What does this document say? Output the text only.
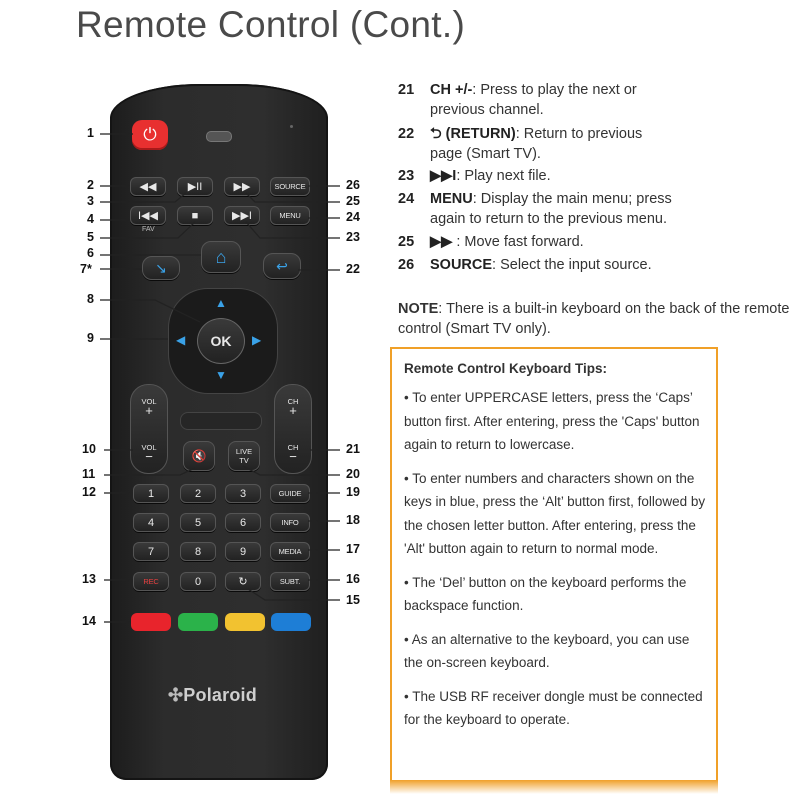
Remote Control (Cont.)
⏻
◀◀	▶II	▶▶	SOURCE
I◀◀	■	▶▶I	MENU
FAV
⌂
↘	↩
OK
▲
▼
◀	▶
VOL
+
VOL
−
CH
+
CH
−
🔇	LIVE
TV
1	2	3	GUIDE
4	5	6	INFO
7	8	9	MEDIA
REC	0	↻	SUBT.
✣Polaroid
1
2
3
4
5
6
7*
8
9
10
11
12
13
14
15
16
17
18
19
20
21
22
23
24
25
26
21 CH +/-: Press to play the next or
previous channel.
22 ⮌ (RETURN): Return to previous
page (Smart TV).
23 ▶▶I: Play next file.
24 MENU: Display the main menu; press
again to return to the previous menu.
25 ▶▶ : Move fast forward.
26 SOURCE: Select the input source.
NOTE: There is a built-in keyboard on the back of the remote control (Smart TV only).
Remote Control Keyboard Tips:
• To enter UPPERCASE letters, press the ‘Caps’ button first. After entering, press the 'Caps' button again to return to lowercase.
• To enter numbers and characters shown on the keys in blue, press the ‘Alt’ button first, followed by the chosen letter button. After entering, press the 'Alt' button again to return to normal mode.
• The ‘Del’ button on the keyboard performs the backspace function.
• As an alternative to the keyboard, you can use the on-screen keyboard.
• The USB RF receiver dongle must be connected for the keyboard to operate.
